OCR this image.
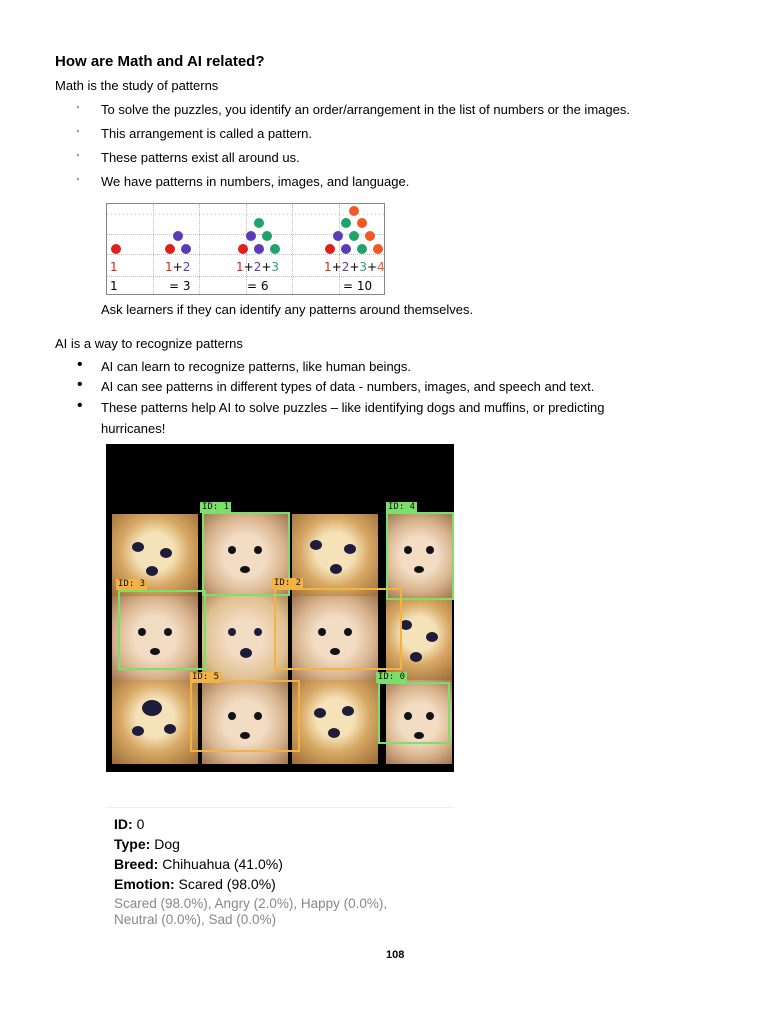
How are Math and AI related?

Math is the study of patterns

' To solve the puzzles, you identify an order/arrangement in the list of numbers or the images.

' This arrangement is called a pattern.

' These patterns exist all around us.

' We have patterns in numbers, images, and language.

1	1+2	1+2+3	1+2+3+4
1	= 3	= 6	= 10

Ask learners if they can identify any patterns around themselves.

AI is a way to recognize patterns

• AI can learn to recognize patterns, like human beings.

• AI can see patterns in different types of data - numbers, images, and speech and text.

• These patterns help AI to solve puzzles – like identifying dogs and muffins, or predicting

hurricanes!

ID: 1	ID: 4
ID: 3	ID: 2
ID: 5	ID: 0

ID: 0

Type: Dog

Breed: Chihuahua (41.0%)

Emotion: Scared (98.0%)

Scared (98.0%), Angry (2.0%), Happy (0.0%),

Neutral (0.0%), Sad (0.0%)

108
